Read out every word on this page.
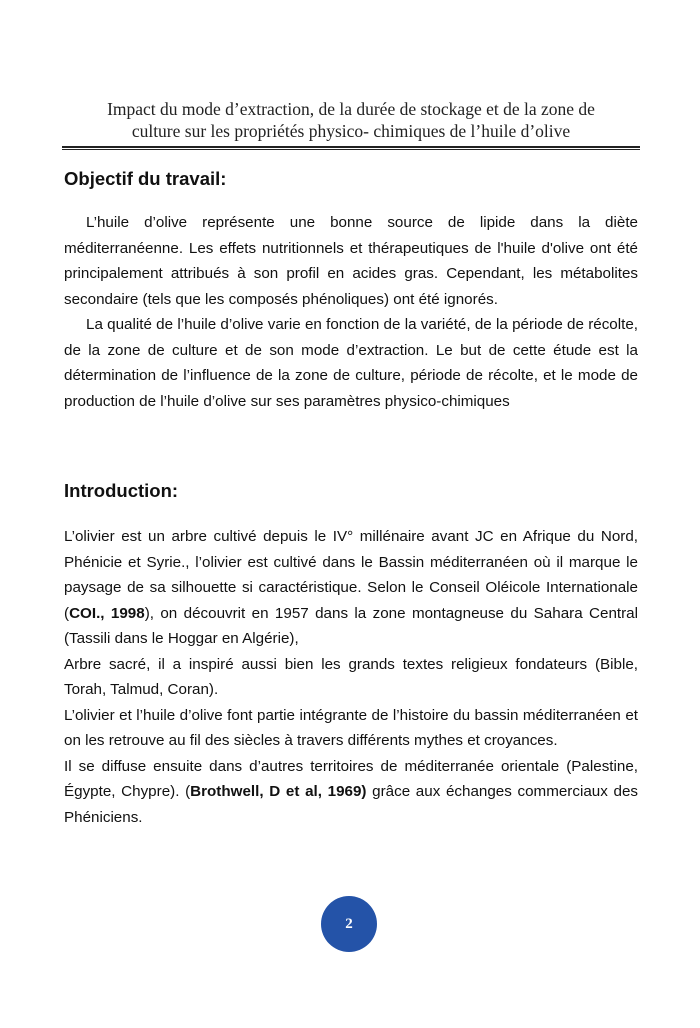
Impact du mode d’extraction, de la durée de stockage et de la zone de
culture sur les propriétés physico- chimiques de l’huile d’olive
Objectif du travail:

L’huile d’olive représente une bonne source de lipide dans la diète méditerranéenne. Les effets nutritionnels et thérapeutiques de l'huile d'olive ont été principalement attribués à son profil en acides gras. Cependant, les métabolites secondaire (tels que les composés phénoliques) ont été ignorés.

La qualité de l’huile d’olive varie en fonction de la variété, de la période de récolte, de la zone de culture et de son mode d’extraction. Le but de cette étude est la détermination de l’influence de la zone de culture, période de récolte, et le mode de production de l’huile d’olive sur ses paramètres physico-chimiques

Introduction:

L’olivier est un arbre cultivé depuis le IV° millénaire avant JC en Afrique du Nord, Phénicie et Syrie., l’olivier est cultivé dans le Bassin méditerranéen où il marque le paysage de sa silhouette si caractéristique. Selon le Conseil Oléicole Internationale (COI., 1998), on découvrit en 1957 dans la zone montagneuse du Sahara Central (Tassili dans le Hoggar en Algérie),

Arbre sacré, il a inspiré aussi bien les grands textes religieux fondateurs (Bible, Torah, Talmud, Coran).

L’olivier et l’huile d’olive font partie intégrante de l’histoire du bassin méditerranéen et on les retrouve au fil des siècles à travers différents mythes et croyances.

Il se diffuse ensuite dans d’autres territoires de méditerranée orientale (Palestine, Égypte, Chypre). (Brothwell, D et al, 1969) grâce aux échanges commerciaux des Phéniciens.

2
